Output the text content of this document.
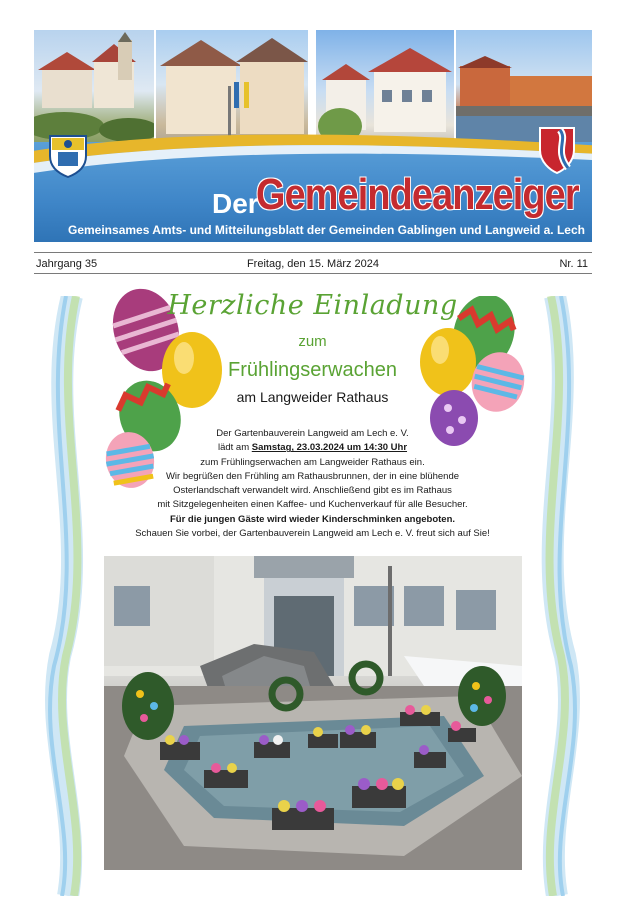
Der
Gemeindeanzeiger
Gemeinsames Amts- und Mitteilungsblatt der Gemeinden Gablingen und Langweid a. Lech
Jahrgang 35	Freitag, den 15. März 2024	Nr. 11
Herzliche Einladung
zum
Frühlingserwachen
am Langweider Rathaus
Der Gartenbauverein Langweid am Lech e. V.
lädt am Samstag, 23.03.2024 um 14:30 Uhr
zum Frühlingserwachen am Langweider Rathaus ein.
Wir begrüßen den Frühling am Rathausbrunnen, der in eine blühende
Osterlandschaft verwandelt wird. Anschließend gibt es im Rathaus
mit Sitzgelegenheiten einen Kaffee- und Kuchenverkauf für alle Besucher.
Für die jungen Gäste wird wieder Kinderschminken angeboten.
Schauen Sie vorbei, der Gartenbauverein Langweid am Lech e. V. freut sich auf Sie!
